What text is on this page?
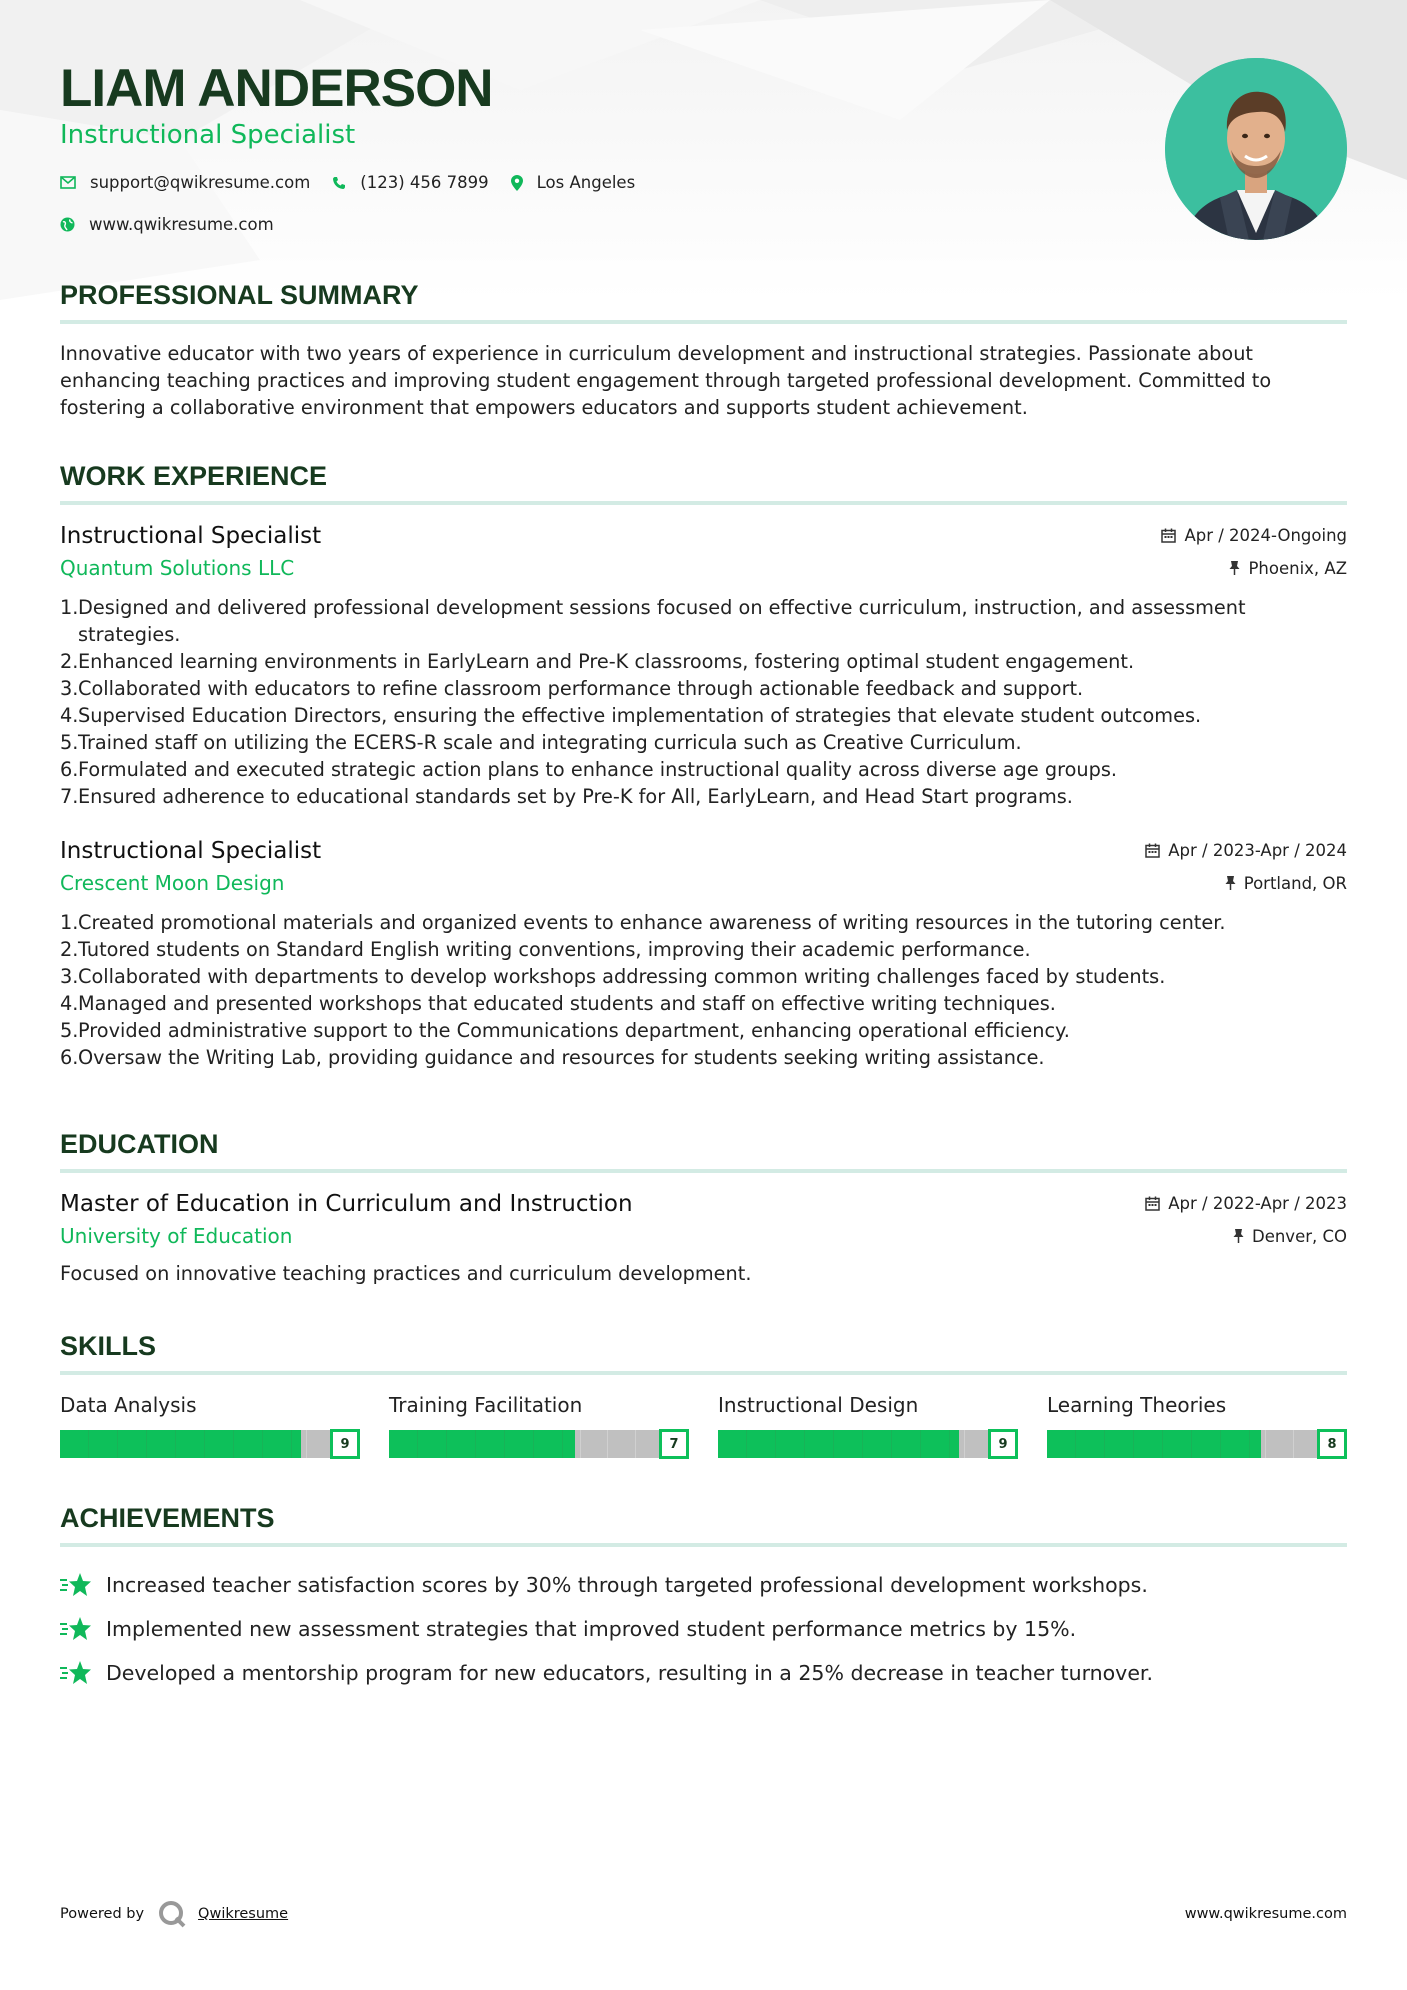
LIAM ANDERSON
Instructional Specialist
support@qwikresume.com	(123) 456 7899	Los Angeles
www.qwikresume.com
PROFESSIONAL SUMMARY

Innovative educator with two years of experience in curriculum development and instructional strategies. Passionate about enhancing teaching practices and improving student engagement through targeted professional development. Committed to fostering a collaborative environment that empowers educators and supports student achievement.

WORK EXPERIENCE
Instructional Specialist	Apr / 2024-Ongoing
Quantum Solutions LLC	Phoenix, AZ
1. Designed and delivered professional development sessions focused on effective curriculum, instruction, and assessment strategies.
2. Enhanced learning environments in EarlyLearn and Pre-K classrooms, fostering optimal student engagement.
3. Collaborated with educators to refine classroom performance through actionable feedback and support.
4. Supervised Education Directors, ensuring the effective implementation of strategies that elevate student outcomes.
5. Trained staff on utilizing the ECERS-R scale and integrating curricula such as Creative Curriculum.
6. Formulated and executed strategic action plans to enhance instructional quality across diverse age groups.
7. Ensured adherence to educational standards set by Pre-K for All, EarlyLearn, and Head Start programs.
Instructional Specialist	Apr / 2023-Apr / 2024
Crescent Moon Design	Portland, OR
1. Created promotional materials and organized events to enhance awareness of writing resources in the tutoring center.
2. Tutored students on Standard English writing conventions, improving their academic performance.
3. Collaborated with departments to develop workshops addressing common writing challenges faced by students.
4. Managed and presented workshops that educated students and staff on effective writing techniques.
5. Provided administrative support to the Communications department, enhancing operational efficiency.
6. Oversaw the Writing Lab, providing guidance and resources for students seeking writing assistance.
EDUCATION
Master of Education in Curriculum and Instruction	Apr / 2022-Apr / 2023
University of Education	Denver, CO

Focused on innovative teaching practices and curriculum development.

SKILLS
Data Analysis
9
Training Facilitation
7
Instructional Design
9
Learning Theories
8
ACHIEVEMENTS
Increased teacher satisfaction scores by 30% through targeted professional development workshops.
Implemented new assessment strategies that improved student performance metrics by 15%.
Developed a mentorship program for new educators, resulting in a 25% decrease in teacher turnover.
Powered by	Qwikresume	www.qwikresume.com
